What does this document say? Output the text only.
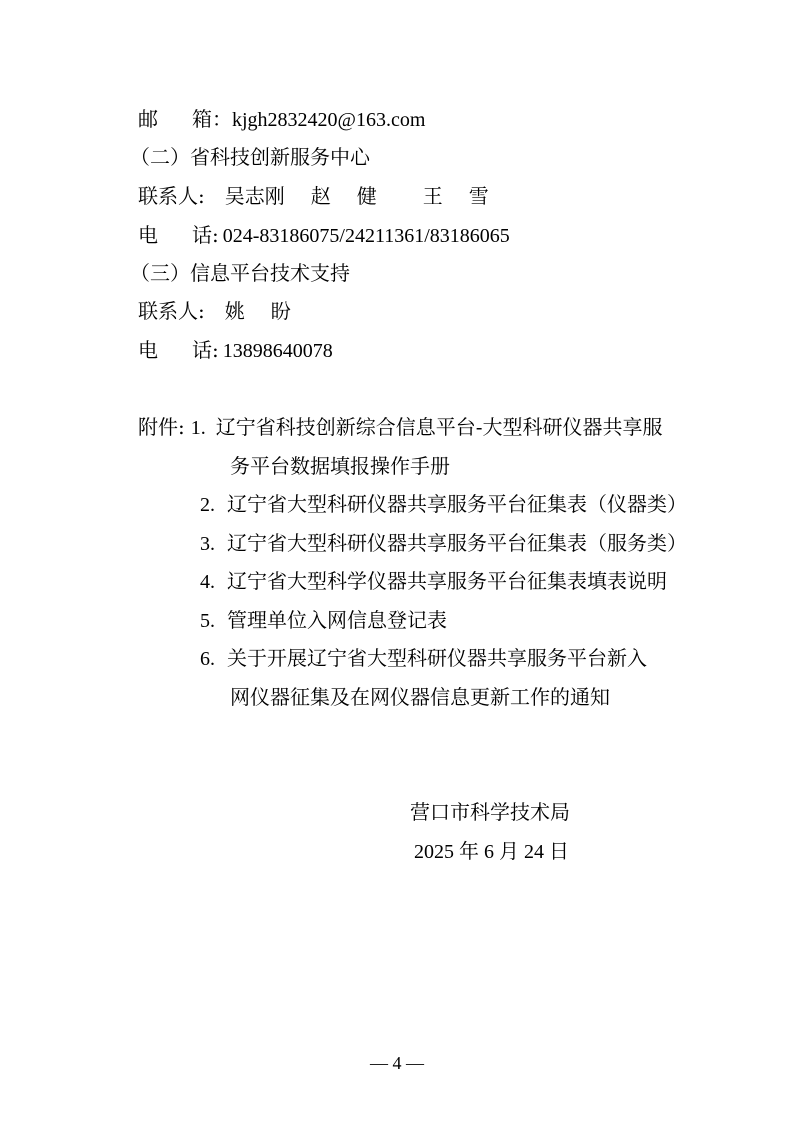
邮 箱：kjgh2832420@163.com
（二）省科技创新服务中心
联系人: 吴志刚 赵 健 王 雪
电 话: 024-83186075/24211361/83186065
（三）信息平台技术支持
联系人: 姚 盼
电 话: 13898640078
附件: 1. 辽宁省科技创新综合信息平台-大型科研仪器共享服
务平台数据填报操作手册
2. 辽宁省大型科研仪器共享服务平台征集表（仪器类）
3. 辽宁省大型科研仪器共享服务平台征集表（服务类）
4. 辽宁省大型科学仪器共享服务平台征集表填表说明
5. 管理单位入网信息登记表
6. 关于开展辽宁省大型科研仪器共享服务平台新入
网仪器征集及在网仪器信息更新工作的通知
营口市科学技术局
2025 年 6 月 24 日
— 4 —
